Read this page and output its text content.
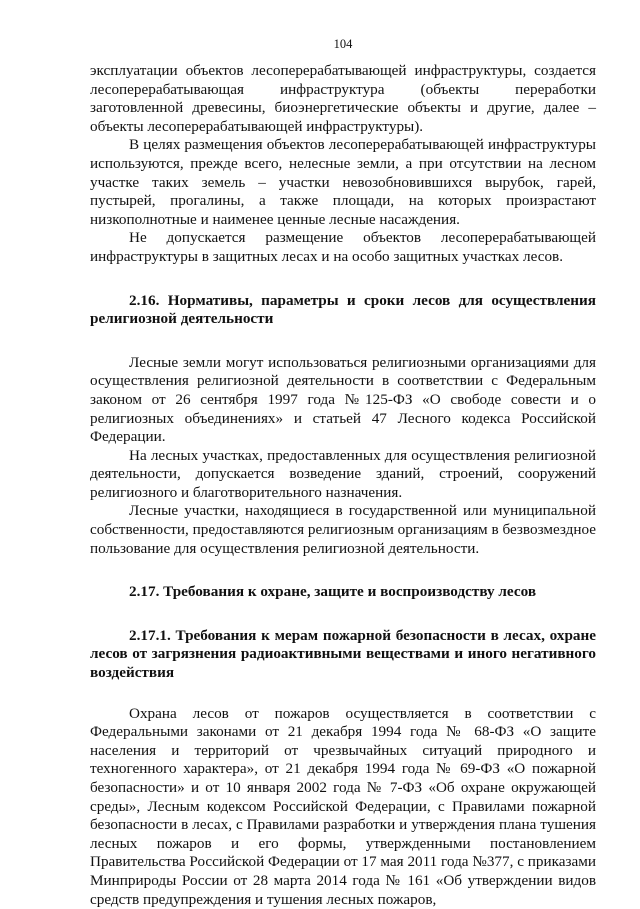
104

эксплуатации объектов лесоперерабатывающей инфраструктуры, создается лесоперерабатывающая инфраструктура (объекты переработки заготовленной древесины, биоэнергетические объекты и другие, далее – объекты лесоперерабатывающей инфраструктуры).

В целях размещения объектов лесоперерабатывающей инфраструктуры используются, прежде всего, нелесные земли, а при отсутствии на лесном участке таких земель – участки невозобновившихся вырубок, гарей, пустырей, прогалины, а также площади, на которых произрастают низкополнотные и наименее ценные лесные насаждения.

Не допускается размещение объектов лесоперерабатывающей инфраструктуры в защитных лесах и на особо защитных участках лесов.

2.16. Нормативы, параметры и сроки лесов для осуществления религиозной деятельности

Лесные земли могут использоваться религиозными организациями для осуществления религиозной деятельности в соответствии с Федеральным законом от 26 сентября 1997 года №125-ФЗ «О свободе совести и о религиозных объединениях» и статьей 47 Лесного кодекса Российской Федерации.

На лесных участках, предоставленных для осуществления религиозной деятельности, допускается возведение зданий, строений, сооружений религиозного и благотворительного назначения.

Лесные участки, находящиеся в государственной или муниципальной собственности, предоставляются религиозным организациям в безвозмездное пользование для осуществления религиозной деятельности.

2.17. Требования к охране, защите и воспроизводству лесов

2.17.1. Требования к мерам пожарной безопасности в лесах, охране лесов от загрязнения радиоактивными веществами и иного негативного воздействия

Охрана лесов от пожаров осуществляется в соответствии с Федеральными законами от 21 декабря 1994 года № 68-ФЗ «О защите населения и территорий от чрезвычайных ситуаций природного и техногенного характера», от 21 декабря 1994 года № 69-ФЗ «О пожарной безопасности» и от 10 января 2002 года № 7-ФЗ «Об охране окружающей среды», Лесным кодексом Российской Федерации, с Правилами пожарной безопасности в лесах, с Правилами разработки и утверждения плана тушения лесных пожаров и его формы, утвержденными постановлением Правительства Российской Федерации от 17 мая 2011 года №377, с приказами Минприроды России от 28 марта 2014 года № 161 «Об утверждении видов средств предупреждения и тушения лесных пожаров,
